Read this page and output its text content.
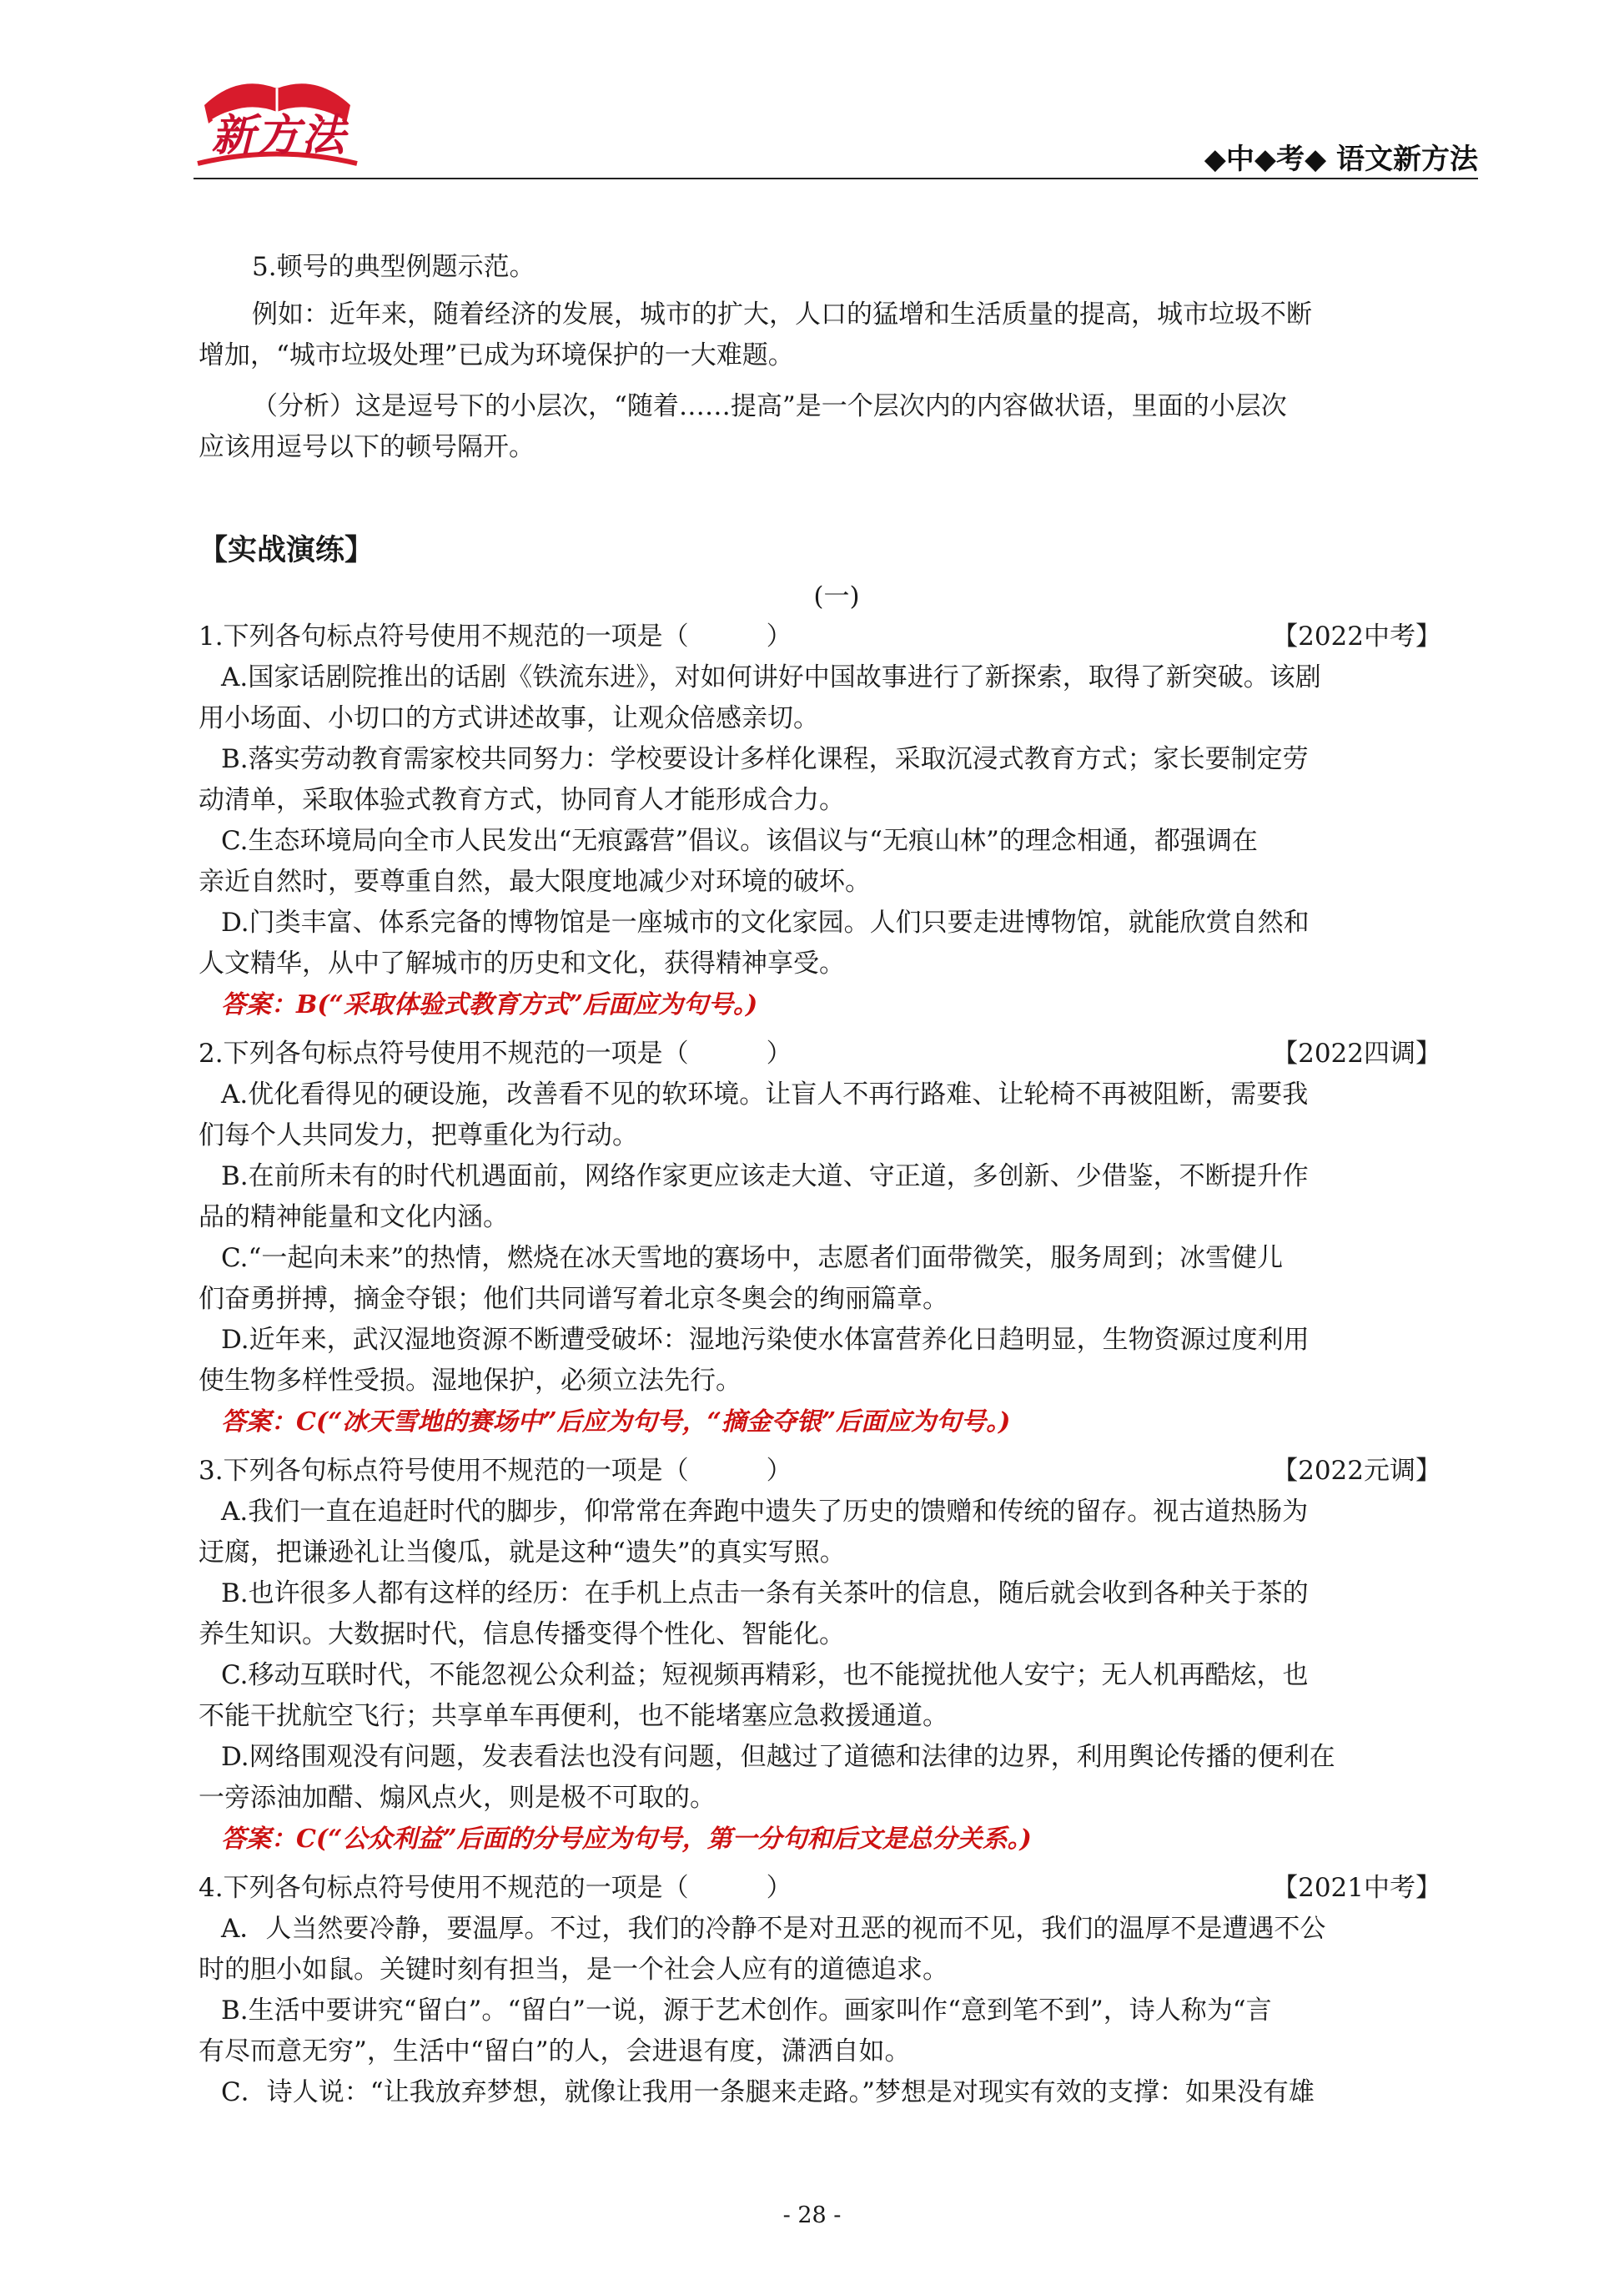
新方法	◆中◆考◆ 语文新方法
5.顿号的典型例题示范。
例如：近年来，随着经济的发展，城市的扩大，人口的猛增和生活质量的提高，城市垃圾不断
增加，“城市垃圾处理”已成为环境保护的一大难题。
（分析）这是逗号下的小层次，“随着……提高”是一个层次内的内容做状语，里面的小层次
应该用逗号以下的顿号隔开。
【实战演练】
(一)
1.下列各句标点符号使用不规范的一项是（　　　）	【2022中考】
A.国家话剧院推出的话剧《铁流东进》，对如何讲好中国故事进行了新探索，取得了新突破。该剧
用小场面、小切口的方式讲述故事，让观众倍感亲切。
B.落实劳动教育需家校共同努力：学校要设计多样化课程，采取沉浸式教育方式；家长要制定劳
动清单，采取体验式教育方式，协同育人才能形成合力。
C.生态环境局向全市人民发出“无痕露营”倡议。该倡议与“无痕山林”的理念相通，都强调在
亲近自然时，要尊重自然，最大限度地减少对环境的破坏。
D.门类丰富、体系完备的博物馆是一座城市的文化家园。人们只要走进博物馆，就能欣赏自然和
人文精华，从中了解城市的历史和文化，获得精神享受。
答案：B(“采取体验式教育方式”后面应为句号。)
2.下列各句标点符号使用不规范的一项是（　　　）	【2022四调】
A.优化看得见的硬设施，改善看不见的软环境。让盲人不再行路难、让轮椅不再被阻断，需要我
们每个人共同发力，把尊重化为行动。
B.在前所未有的时代机遇面前，网络作家更应该走大道、守正道，多创新、少借鉴，不断提升作
品的精神能量和文化内涵。
C.“一起向未来”的热情，燃烧在冰天雪地的赛场中，志愿者们面带微笑，服务周到；冰雪健儿
们奋勇拼搏，摘金夺银；他们共同谱写着北京冬奥会的绚丽篇章。
D.近年来，武汉湿地资源不断遭受破坏：湿地污染使水体富营养化日趋明显，生物资源过度利用
使生物多样性受损。湿地保护，必须立法先行。
答案：C(“冰天雪地的赛场中”后应为句号，“摘金夺银”后面应为句号。)
3.下列各句标点符号使用不规范的一项是（　　　）	【2022元调】
A.我们一直在追赶时代的脚步，仰常常在奔跑中遗失了历史的馈赠和传统的留存。视古道热肠为
迂腐，把谦逊礼让当傻瓜，就是这种“遗失”的真实写照。
B.也许很多人都有这样的经历：在手机上点击一条有关茶叶的信息，随后就会收到各种关于茶的
养生知识。大数据时代，信息传播变得个性化、智能化。
C.移动互联时代，不能忽视公众利益；短视频再精彩，也不能搅扰他人安宁；无人机再酷炫，也
不能干扰航空飞行；共享单车再便利，也不能堵塞应急救援通道。
D.网络围观没有问题，发表看法也没有问题，但越过了道德和法律的边界，利用舆论传播的便利在
一旁添油加醋、煽风点火，则是极不可取的。
答案：C(“公众利益”后面的分号应为句号，第一分句和后文是总分关系。)
4.下列各句标点符号使用不规范的一项是（　　　）	【2021中考】
A．人当然要冷静，要温厚。不过，我们的冷静不是对丑恶的视而不见，我们的温厚不是遭遇不公
时的胆小如鼠。关键时刻有担当，是一个社会人应有的道德追求。
B.生活中要讲究“留白”。“留白”一说，源于艺术创作。画家叫作“意到笔不到”，诗人称为“言
有尽而意无穷”，生活中“留白”的人，会进退有度，潇洒自如。
C．诗人说：“让我放弃梦想，就像让我用一条腿来走路。”梦想是对现实有效的支撑：如果没有雄
- 28 -
